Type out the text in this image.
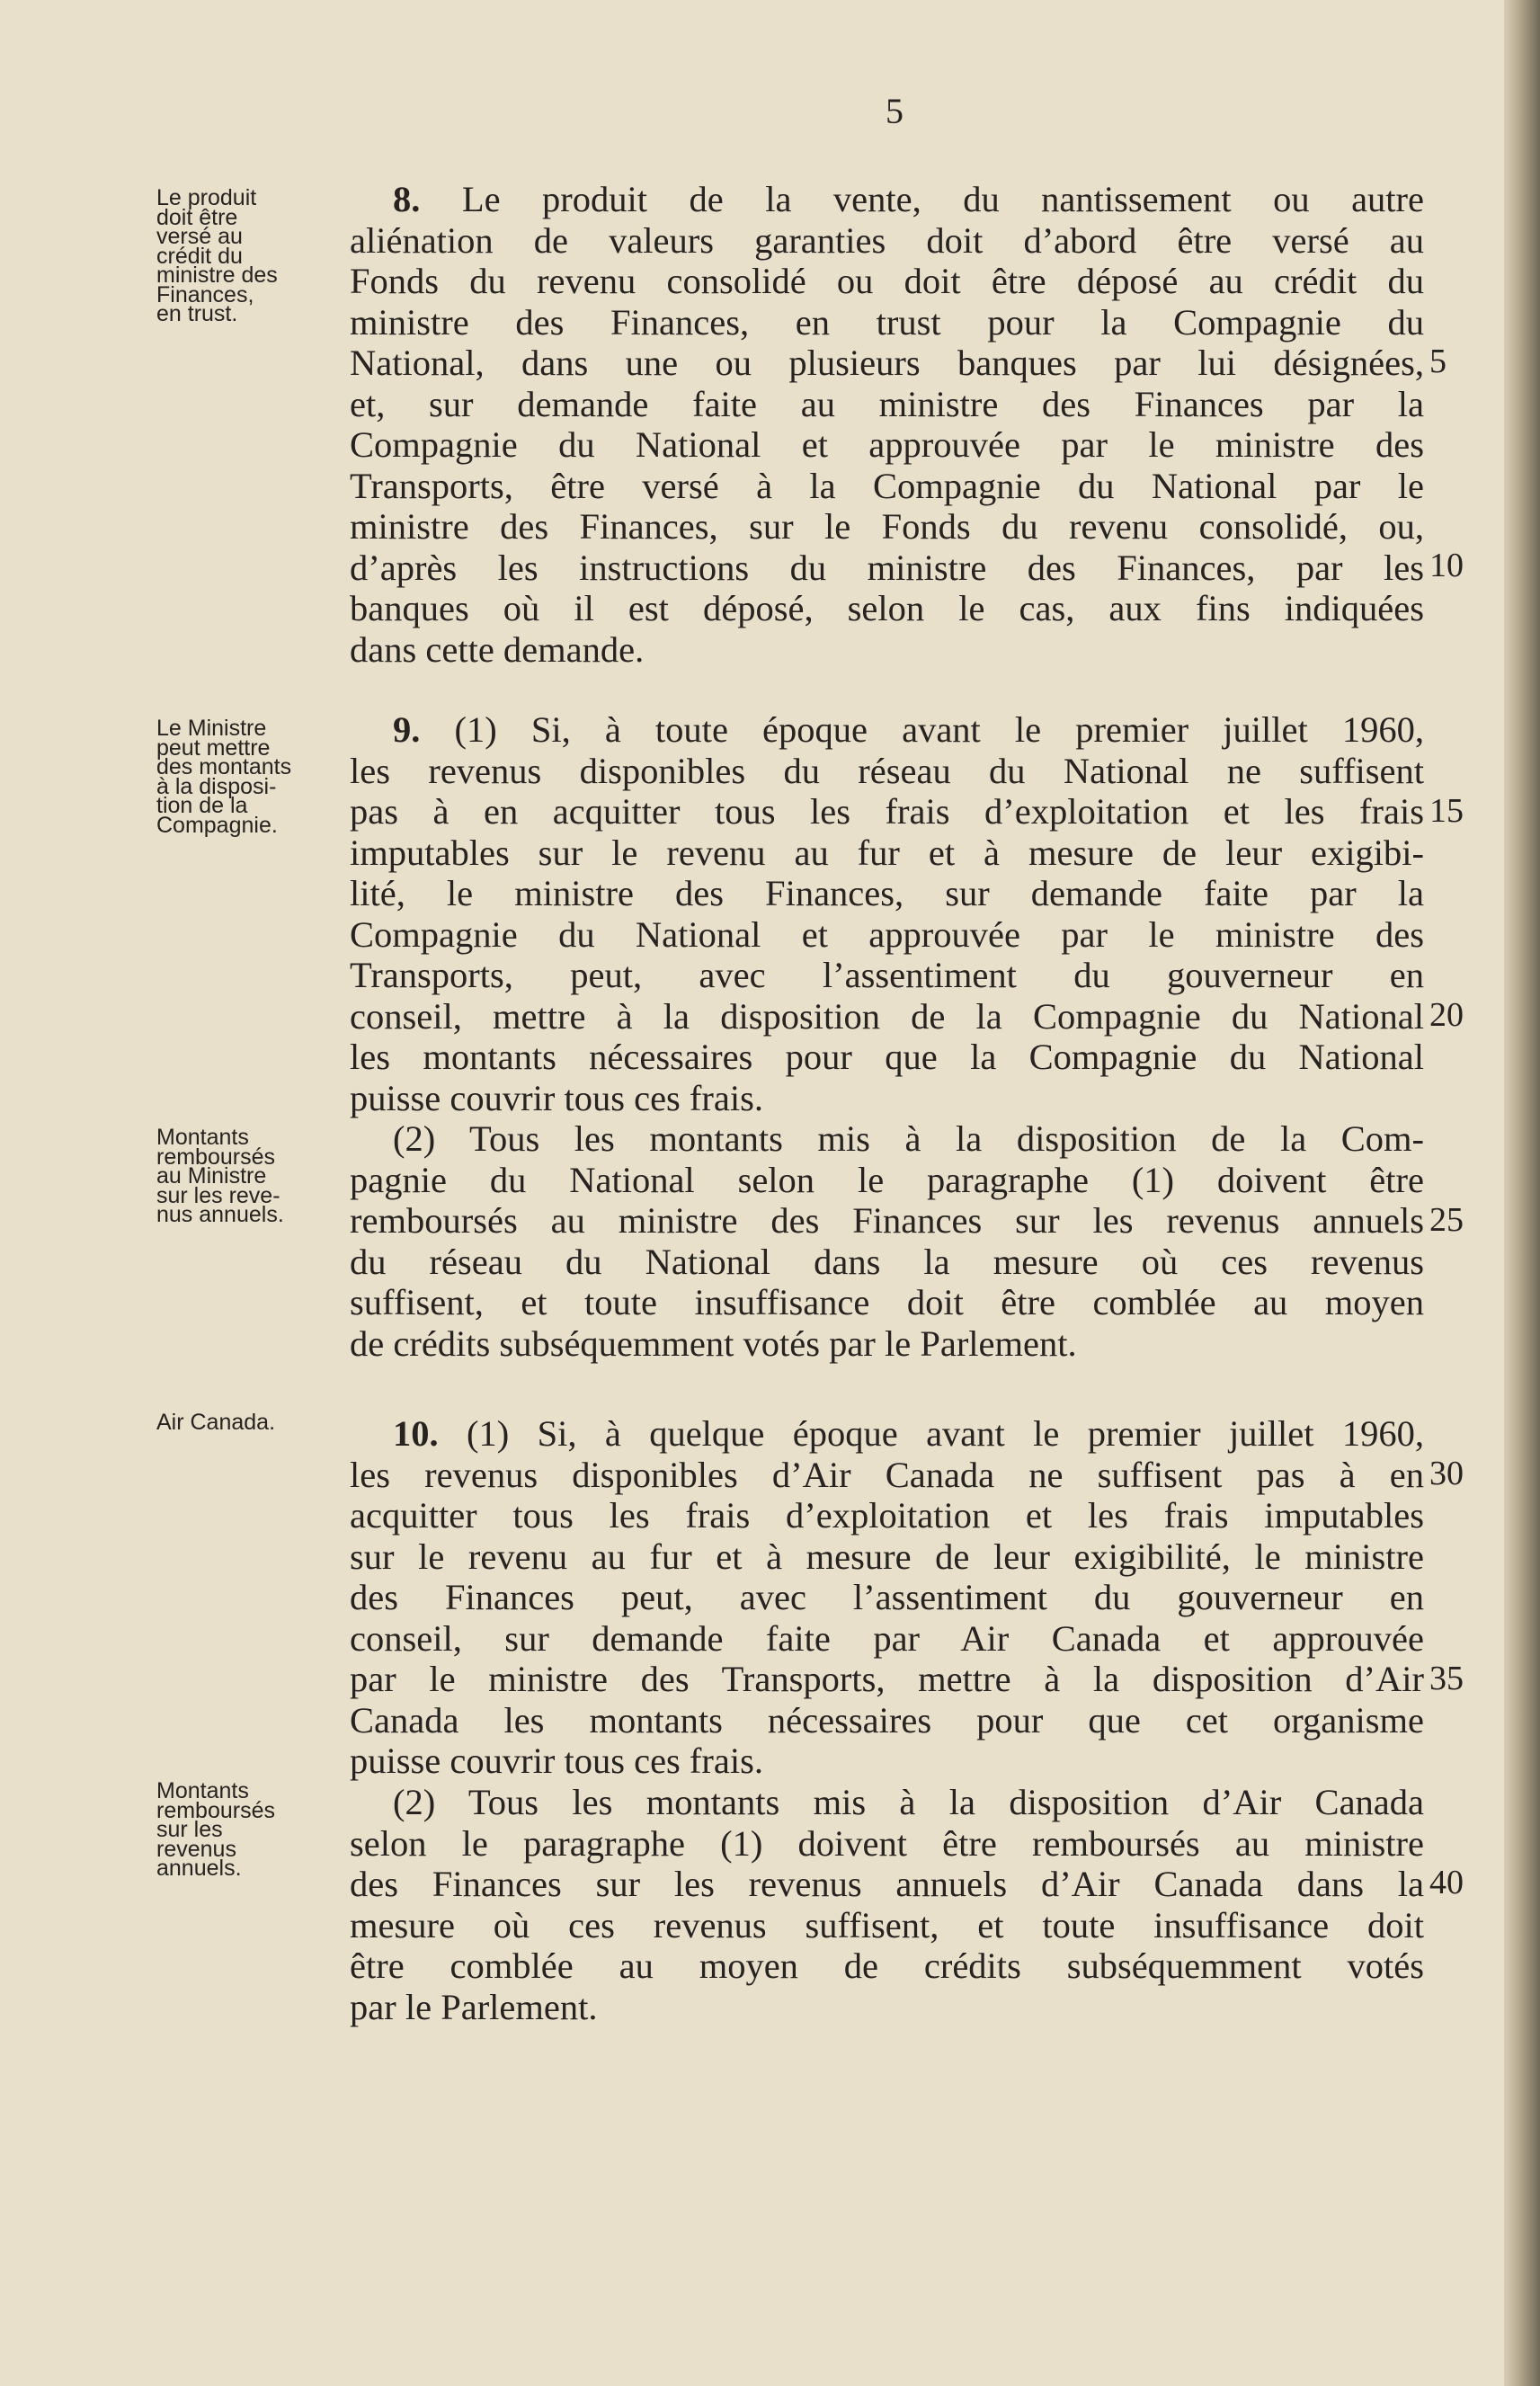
5
Le produit
doit être
versé au
crédit du
ministre des
Finances,
en trust.
Le Ministre
peut mettre
des montants
à la disposi-
tion de la
Compagnie.
Montants
remboursés
au Ministre
sur les reve-
nus annuels.
Air Canada.
Montants
remboursés
sur les
revenus
annuels.
8. Le produit de la vente, du nantissement ou autre
aliénation de valeurs garanties doit d’abord être versé au
Fonds du revenu consolidé ou doit être déposé au crédit du
ministre des Finances, en trust pour la Compagnie du
National, dans une ou plusieurs banques par lui désignées,
et, sur demande faite au ministre des Finances par la
Compagnie du National et approuvée par le ministre des
Transports, être versé à la Compagnie du National par le
ministre des Finances, sur le Fonds du revenu consolidé, ou,
d’après les instructions du ministre des Finances, par les
banques où il est déposé, selon le cas, aux fins indiquées
dans cette demande.
9. (1) Si, à toute époque avant le premier juillet 1960,
les revenus disponibles du réseau du National ne suffisent
pas à en acquitter tous les frais d’exploitation et les frais
imputables sur le revenu au fur et à mesure de leur exigibi-
lité, le ministre des Finances, sur demande faite par la
Compagnie du National et approuvée par le ministre des
Transports, peut, avec l’assentiment du gouverneur en
conseil, mettre à la disposition de la Compagnie du National
les montants nécessaires pour que la Compagnie du National
puisse couvrir tous ces frais.
(2) Tous les montants mis à la disposition de la Com-
pagnie du National selon le paragraphe (1) doivent être
remboursés au ministre des Finances sur les revenus annuels
du réseau du National dans la mesure où ces revenus
suffisent, et toute insuffisance doit être comblée au moyen
de crédits subséquemment votés par le Parlement.
10. (1) Si, à quelque époque avant le premier juillet 1960,
les revenus disponibles d’Air Canada ne suffisent pas à en
acquitter tous les frais d’exploitation et les frais imputables
sur le revenu au fur et à mesure de leur exigibilité, le ministre
des Finances peut, avec l’assentiment du gouverneur en
conseil, sur demande faite par Air Canada et approuvée
par le ministre des Transports, mettre à la disposition d’Air
Canada les montants nécessaires pour que cet organisme
puisse couvrir tous ces frais.
(2) Tous les montants mis à la disposition d’Air Canada
selon le paragraphe (1) doivent être remboursés au ministre
des Finances sur les revenus annuels d’Air Canada dans la
mesure où ces revenus suffisent, et toute insuffisance doit
être comblée au moyen de crédits subséquemment votés
par le Parlement.
5
10
15
20
25
30
35
40
